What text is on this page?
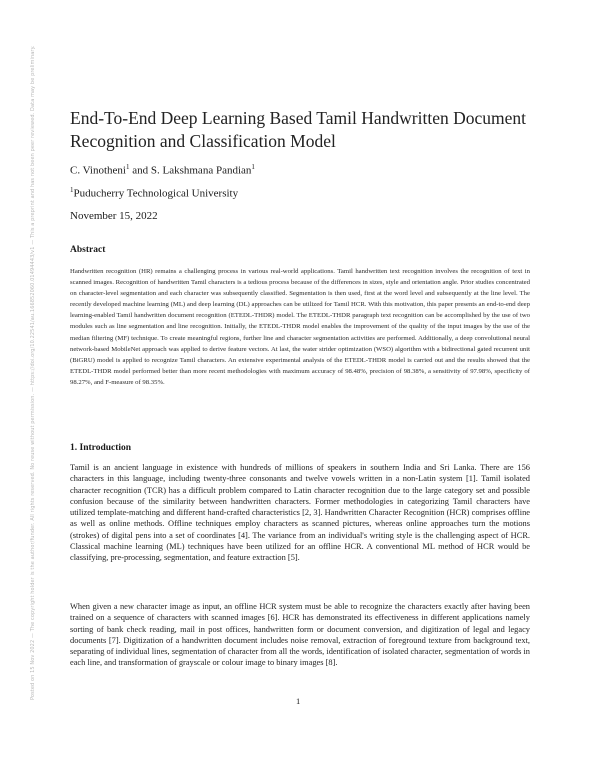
Posted on 15 Nov 2022 — The copyright holder is the author/funder. All rights reserved. No reuse without permission. — https://doi.org/10.22541/au.166852060.01494443/v1 — This a preprint and has not been peer reviewed. Data may be preliminary. End-To-End Deep Learning Based Tamil Handwritten Document Recognition and Classification Model
C. Vinotheni$^1$ and S. Lakshmana Pandian$^1$
$^1$Puducherry Technological University
November 15, 2022
Abstract

Handwritten recognition (HR) remains a challenging process in various real-world applications. Tamil handwritten text recognition involves the recognition of text in scanned images. Recognition of handwritten Tamil characters is a tedious process because of the differences in sizes, style and orientation angle. Prior studies concentrated on character-level segmentation and each character was subsequently classified. Segmentation is then used, first at the word level and subsequently at the line level. The recently developed machine learning (ML) and deep learning (DL) approaches can be utilized for Tamil HCR. With this motivation, this paper presents an end-to-end deep learning-enabled Tamil handwritten document recognition (ETEDL-THDR) model. The ETEDL-THDR paragraph text recognition can be accomplished by the use of two modules such as line segmentation and line recognition. Initially, the ETEDL-THDR model enables the improvement of the quality of the input images by the use of the median filtering (MF) technique. To create meaningful regions, further line and character segmentation activities are performed. Additionally, a deep convolutional neural network-based MobileNet approach was applied to derive feature vectors. At last, the water strider optimization (WSO) algorithm with a bidirectional gated recurrent unit (BiGRU) model is applied to recognize Tamil characters. An extensive experimental analysis of the ETEDL-THDR model is carried out and the results showed that the ETEDL-THDR model performed better than more recent methodologies with maximum accuracy of 98.48%, precision of 98.38%, a sensitivity of 97.98%, specificity of 98.27%, and F-measure of 98.35%.

1. Introduction

Tamil is an ancient language in existence with hundreds of millions of speakers in southern India and Sri Lanka. There are 156 characters in this language, including twenty-three consonants and twelve vowels written in a non-Latin system [1]. Tamil isolated character recognition (TCR) has a difficult problem compared to Latin character recognition due to the large category set and possible confusion because of the similarity between handwritten characters. Former methodologies in categorizing Tamil characters have utilized template-matching and different hand-crafted characteristics [2, 3]. Handwritten Character Recognition (HCR) comprises offline as well as online methods. Offline techniques employ characters as scanned pictures, whereas online approaches turn the motions (strokes) of digital pens into a set of coordinates [4]. The variance from an individual's writing style is the challenging aspect of HCR. Classical machine learning (ML) techniques have been utilized for an offline HCR. A conventional ML method of HCR would be classifying, pre-processing, segmentation, and feature extraction [5].

When given a new character image as input, an offline HCR system must be able to recognize the characters exactly after having been trained on a sequence of characters with scanned images [6]. HCR has demonstrated its effectiveness in different applications namely sorting of bank check reading, mail in post offices, handwritten form or document conversion, and digitization of legal and legacy documents [7]. Digitization of a handwritten document includes noise removal, extraction of foreground texture from background text, separating of individual lines, segmentation of character from all the words, identification of isolated character, segmentation of words in each line, and transformation of grayscale or colour image to binary images [8].

1
